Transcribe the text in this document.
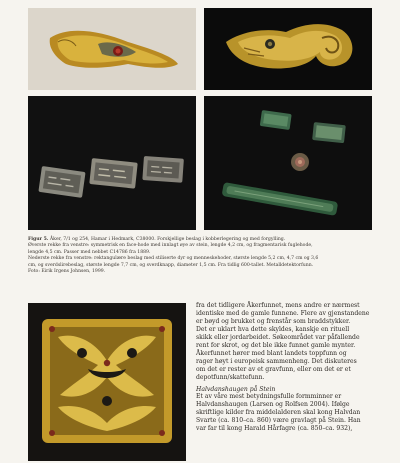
Figur 5. Åker, 7/1 og 254, Hamar i Hedmark, C38000. Forskjellige beslag i kobberlegering og med forgylling.

Øverste rekke fra venstre: symmetrisk en face-hode med innlagt øye av stein, lengde 4,2 cm, og fragmentarisk fuglehode,

lengde 4,5 cm. Passer med nebbet C14786 fra 1889.

Nederste rekke fra venstre: rektangulære beslag med stiliserte dyr og menneskehoder, største lengde 5,2 cm, 4,7 cm og 3,6

cm, og sverdslirebeslag, største lengde 7,7 cm, og sverdknapp, diameter 1,5 cm. Fra tidlig 600-tallet. Metalldetektorfunn.

Foto: Eirik Irgens Johnsen, 1999.

fra det tidligere Åkerfunnet, mens andre er nærmest

identiske med de gamle funnene. Flere av gjenstandene

er bøyd og brukket og frenstår som braddstykker.

Det er uklart hva dette skyldes, kanskje en rituell

skikk eller jordarbeidet. Søkeområdet var påfallende

rent for skrot, og det ble ikke funnet gamle mynter.

Åkerfunnet hører med blant landets toppfunn og

rager høyt i europeisk sammenheng. Det diskuteres

om det er rester av et gravfunn, eller om det er et

depotfunn/skattefunn.

Halvdanshaugen på Stein

Et av våre mest betydningsfulle formminner er

Halvdanshaugen (Larsen og Rolfsen 2004). Ifølge

skriftlige kilder fra middelalderen skal kong Halvdan

Svarte (ca. 810–ca. 860) være gravlagt på Stein. Han

var far til kong Harald Hårfagre (ca. 850–ca. 932),
